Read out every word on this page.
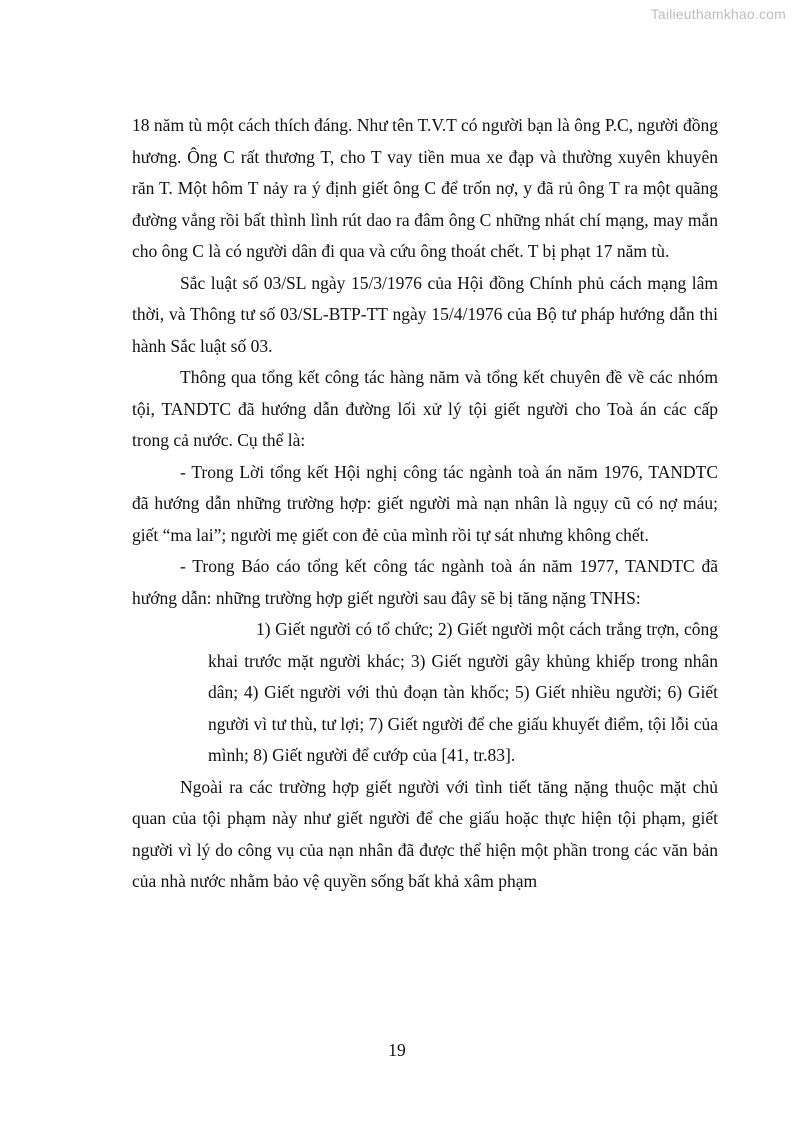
Tailieuthamkhao.com

18 năm tù một cách thích đáng. Như tên T.V.T có người bạn là ông P.C, người đồng hương. Ông C rất thương T, cho T vay tiền mua xe đạp và thường xuyên khuyên răn T. Một hôm T nảy ra ý định giết ông C để trốn nợ, y đã rủ ông T ra một quãng đường vắng rồi bất thình lình rút dao ra đâm ông C những nhát chí mạng, may mắn cho ông C là có người dân đi qua và cứu ông thoát chết. T bị phạt 17 năm tù.

Sắc luật số 03/SL ngày 15/3/1976 của Hội đồng Chính phủ cách mạng lâm thời, và Thông tư số 03/SL-BTP-TT ngày 15/4/1976 của Bộ tư pháp hướng dẫn thi hành Sắc luật số 03.

Thông qua tổng kết công tác hàng năm và tổng kết chuyên đề về các nhóm tội, TANDTC đã hướng dẫn đường lối xử lý tội giết người cho Toà án các cấp trong cả nước. Cụ thể là:

- Trong Lời tổng kết Hội nghị công tác ngành toà án năm 1976, TANDTC đã hướng dẫn những trường hợp: giết người mà nạn nhân là ngụy cũ có nợ máu; giết “ma lai”; người mẹ giết con đẻ của mình rồi tự sát nhưng không chết.

- Trong Báo cáo tổng kết công tác ngành toà án năm 1977, TANDTC đã hướng dẫn: những trường hợp giết người sau đây sẽ bị tăng nặng TNHS:

1) Giết người có tổ chức; 2) Giết người một cách trắng trợn, công khai trước mặt người khác; 3) Giết người gây khủng khiếp trong nhân dân; 4) Giết người với thủ đoạn tàn khốc; 5) Giết nhiều người; 6) Giết người vì tư thù, tư lợi; 7) Giết người để che giấu khuyết điểm, tội lỗi của mình; 8) Giết người để cướp của [41, tr.83].

Ngoài ra các trường hợp giết người với tình tiết tăng nặng thuộc mặt chủ quan của tội phạm này như giết người để che giấu hoặc thực hiện tội phạm, giết người vì lý do công vụ của nạn nhân đã được thể hiện một phần trong các văn bản của nhà nước nhằm bảo vệ quyền sống bất khả xâm phạm

19
